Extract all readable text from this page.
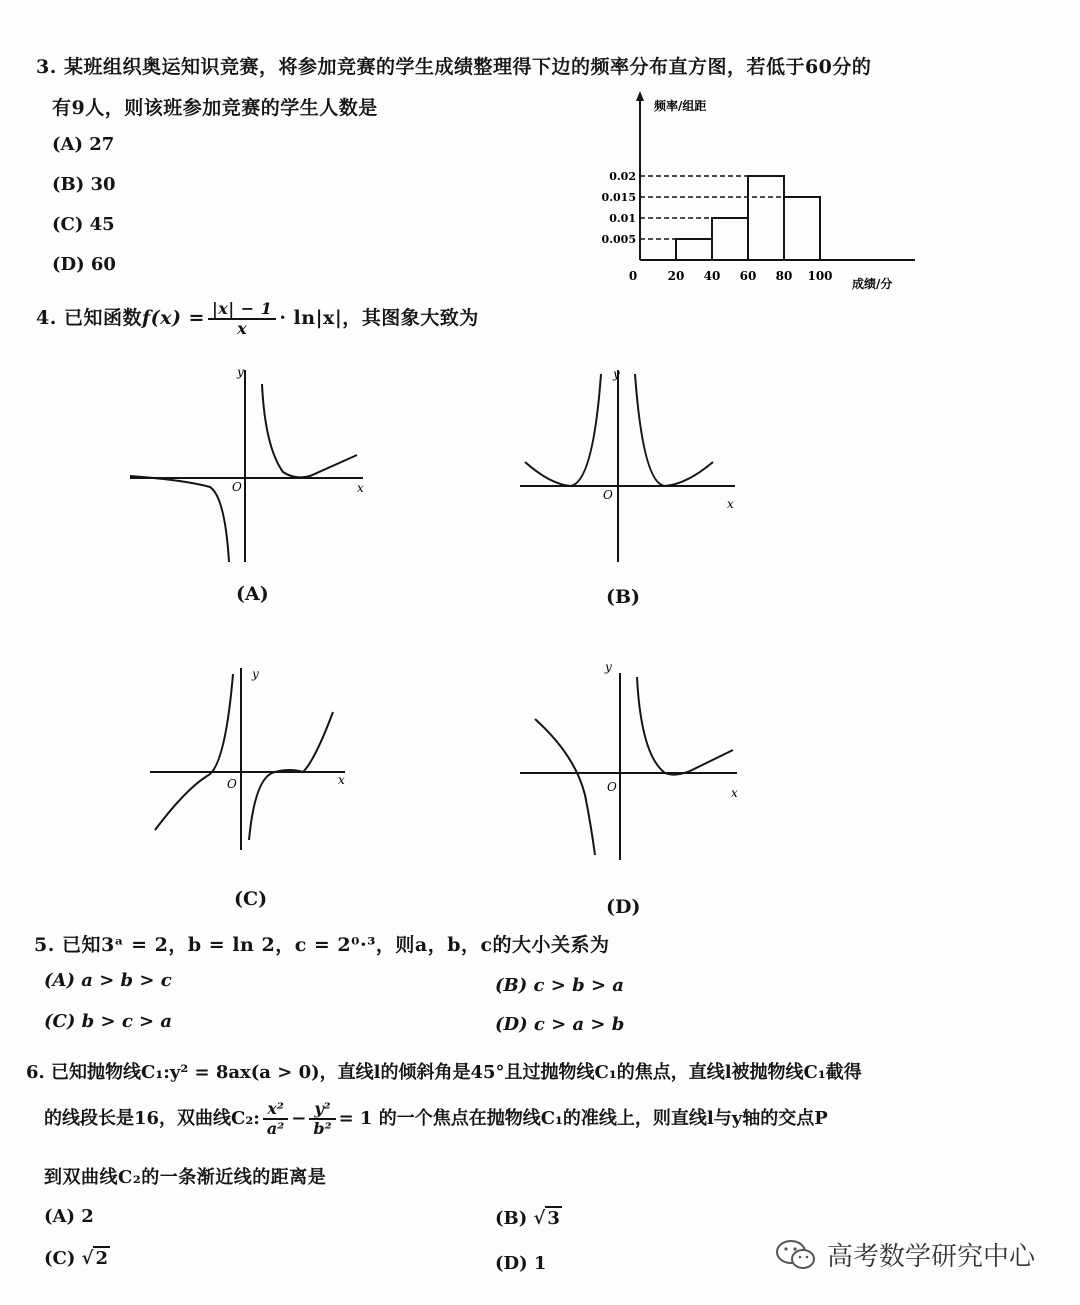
3. 某班组织奥运知识竞赛，将参加竞赛的学生成绩整理得下边的频率分布直方图，若低于60分的
有9人，则该班参加竞赛的学生人数是
(A) 27
(B) 30
(C) 45
(D) 60
0.005
0.01
0.015
0.02
0	20 40 60 80 100
频率/组距
成绩/分
4. 已知函数$f(x) = \frac{|x| - 1}{x} \cdot \ln|x|$，其图象大致为
y
x
O
(A)
y
x
O
(B)
y
x
O
(C)
y
x
O
(D)
5. 已知3ᵃ = 2，b = ln 2，c = 2⁰·³，则a，b，c的大小关系为
(A) a > b > c	(B) c > b > a
(C) b > c > a	(D) c > a > b
6. 已知抛物线C₁:y² = 8ax(a > 0)，直线l的倾斜角是45°且过抛物线C₁的焦点，直线l被抛物线C₁截得
的线段长是16，双曲线C₂: $\frac{\text{x²}}{\text{a²}} - \frac{\text{y²}}{\text{b²}} = 1$ 的一个焦点在抛物线C₁的准线上，则直线l与y轴的交点P
到双曲线C₂的一条渐近线的距离是
(A) 2	(B) √ 3
(C) √ 2	(D) 1	高考数学研究中心
